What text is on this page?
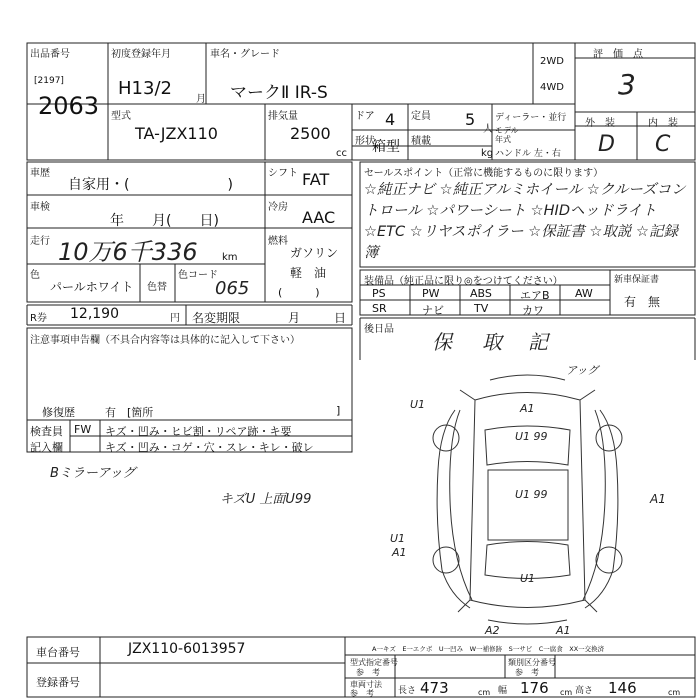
出品番号
[2197]
2063
初度登録年月
H13/2
月
車名・グレード
マークⅡ IR-S
2WD
4WD
評　価　点
3
外　装	内　装
D C
型式
TA-JZX110
排気量
2500
cc
ドア 4 定員 5
人
形状
箱型 積載
kg
ディーラー・並行
モデル
年式
ハンドル 左・右
車歴
自家用・(　　　　　　　)
シフト FAT
車検
年　　月(　　日)
冷房
AAC
走行 10万6千336 km
燃料
ガソリン
軽　油
(　　　)
色
パールホワイト 色替
色コード
065
R券 12,190	円 名変期限	月	日
セールスポイント（正常に機能するものに限ります）
☆純正ナビ ☆純正アルミホイール ☆クルーズコントロール ☆パワーシート ☆HIDヘッドライト ☆ETC ☆リヤスポイラー ☆保証書 ☆取説 ☆記録簿
装備品（純正品に限り◎をつけてください）
PS	PW	ABS	エアB AW
SR	ナビ	TV	カワ
新車保証書
有 無
後日品
保 取 記
注意事項申告欄（不具合内容等は具体的に記入して下さい）
修復歴	有　[箇所	]
検査員 FW キズ・凹み・ヒビ割・リペア跡・キ要
記入欄	キズ・凹み・コゲ・穴・スレ・キレ・破レ
Bミラーアッグ
キズU 上面U99
アッグ
U1	A1
U1 99
U1 99	A1
U1
A1
U1
A2	A1
A一キズ　E一エクボ　U一凹み　W一補修跡　S一サビ　C一腐食　XX一交換済
車台番号	JZX110-6013957
登録番号
型式指定番号
参　考
類別区分番号
参　考
車両寸法
参　考	長さ 473	cm 幅 176 cm 高さ 146	cm
